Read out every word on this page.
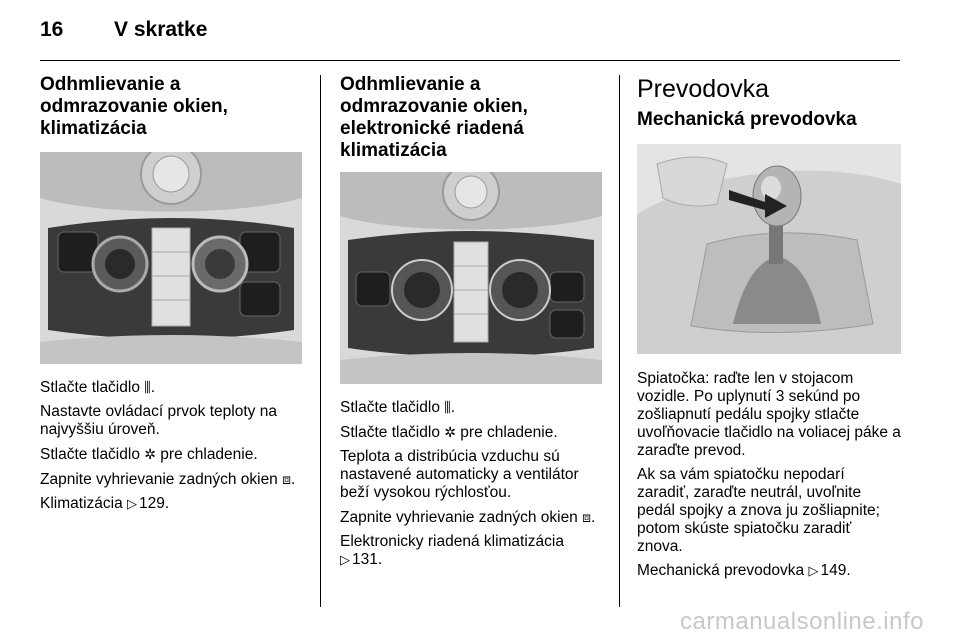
16 V skratke
Odhmlievanie a odmrazovanie okien, klimatizácia

Stlačte tlačidlo ⫼.

Nastavte ovládací prvok teploty na najvyššiu úroveň.

Stlačte tlačidlo ✲ pre chladenie.

Zapnite vyhrievanie zadných okien ⧈.

Klimatizácia ▷ 129.

Odhmlievanie a odmrazovanie okien, elektronické riadená klimatizácia

Stlačte tlačidlo ⫼.

Stlačte tlačidlo ✲ pre chladenie.

Teplota a distribúcia vzduchu sú nastavené automaticky a ventilátor beží vysokou rýchlosťou.

Zapnite vyhrievanie zadných okien ⧈.

Elektronicky riadená klimatizácia
▷ 131.

Prevodovka
Mechanická prevodovka

Spiatočka: raďte len v stojacom vozidle. Po uplynutí 3 sekúnd po zošliapnutí pedálu spojky stlačte uvoľňovacie tlačidlo na voliacej páke a zaraďte prevod.

Ak sa vám spiatočku nepodarí zaradiť, zaraďte neutrál, uvoľnite pedál spojky a znova ju zošliapnite; potom skúste spiatočku zaradiť znova.

Mechanická prevodovka ▷ 149.

carmanualsonline.info
